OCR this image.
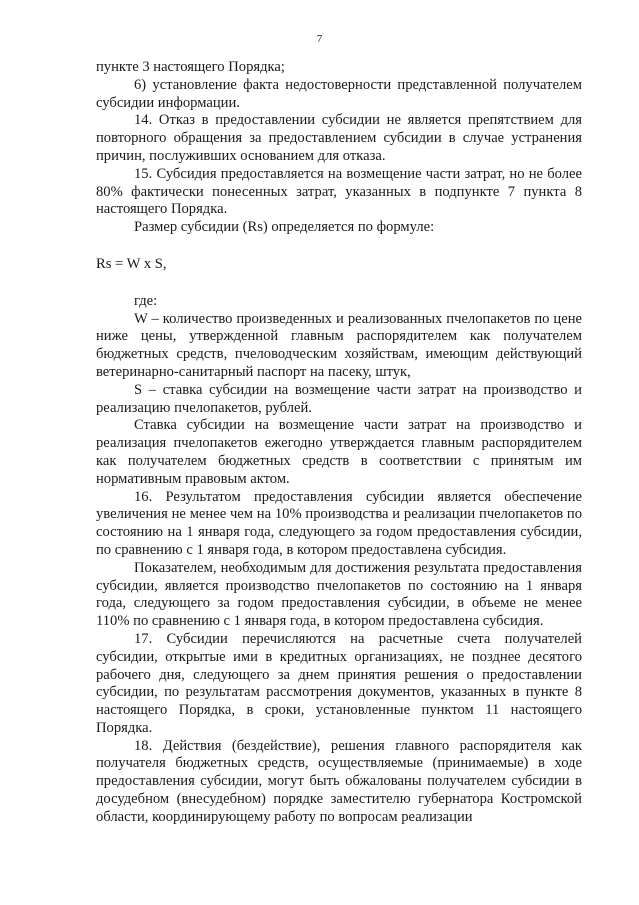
7

пункте 3 настоящего Порядка;

6) установление факта недостоверности представленной получателем субсидии информации.

14. Отказ в предоставлении субсидии не является препятствием для повторного обращения за предоставлением субсидии в случае устранения причин, послуживших основанием для отказа.

15. Субсидия предоставляется на возмещение части затрат, но не более 80% фактически понесенных затрат, указанных в подпункте 7 пункта 8 настоящего Порядка.

Размер субсидии (Rs) определяется по формуле:

Rs = W x S,

где:

W – количество произведенных и реализованных пчелопакетов по цене ниже цены, утвержденной главным распорядителем как получателем бюджетных средств, пчеловодческим хозяйствам, имеющим действующий ветеринарно-санитарный паспорт на пасеку, штук,

S – ставка субсидии на возмещение части затрат на производство и реализацию пчелопакетов, рублей.

Ставка субсидии на возмещение части затрат на производство и реализация пчелопакетов ежегодно утверждается главным распорядителем как получателем бюджетных средств в соответствии с принятым им нормативным правовым актом.

16. Результатом предоставления субсидии является обеспечение увеличения не менее чем на 10% производства и реализации пчелопакетов по состоянию на 1 января года, следующего за годом предоставления субсидии, по сравнению с 1 января года, в котором предоставлена субсидия.

Показателем, необходимым для достижения результата предоставления субсидии, является производство пчелопакетов по состоянию на 1 января года, следующего за годом предоставления субсидии, в объеме не менее 110% по сравнению с 1 января года, в котором предоставлена субсидия.

17. Субсидии перечисляются на расчетные счета получателей субсидии, открытые ими в кредитных организациях, не позднее десятого рабочего дня, следующего за днем принятия решения о предоставлении субсидии, по результатам рассмотрения документов, указанных в пункте 8 настоящего Порядка, в сроки, установленные пунктом 11 настоящего Порядка.

18. Действия (бездействие), решения главного распорядителя как получателя бюджетных средств, осуществляемые (принимаемые) в ходе предоставления субсидии, могут быть обжалованы получателем субсидии в досудебном (внесудебном) порядке заместителю губернатора Костромской области, координирующему работу по вопросам реализации
